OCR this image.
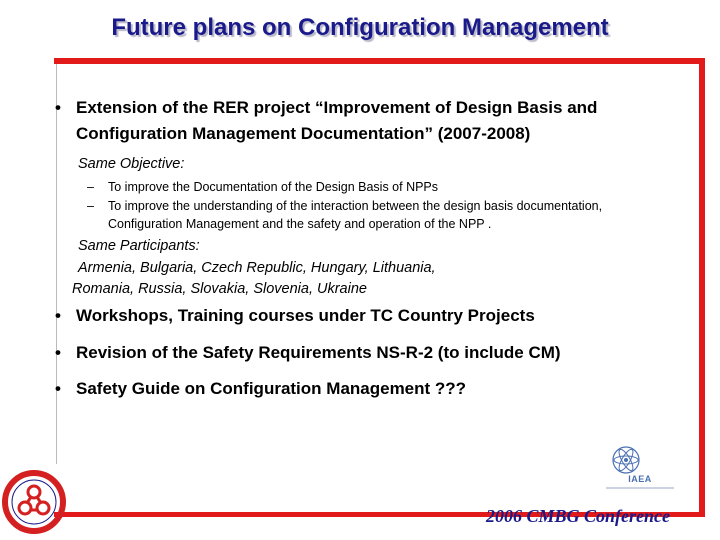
Future plans on Configuration Management
• Extension of the RER project “Improvement of Design Basis and
Configuration Management Documentation” (2007-2008)
Same Objective:
– To improve the Documentation of the Design Basis of NPPs
– To improve the understanding of the interaction between the design basis documentation,
Configuration Management and the safety and operation of the NPP .
Same Participants:
Armenia, Bulgaria, Czech Republic, Hungary, Lithuania,
Romania, Russia, Slovakia, Slovenia, Ukraine
• Workshops, Training courses under TC Country Projects
• Revision of the Safety Requirements NS-R-2 (to include CM)
• Safety Guide on Configuration Management ???
IAEA
2006 CMBG Conference
